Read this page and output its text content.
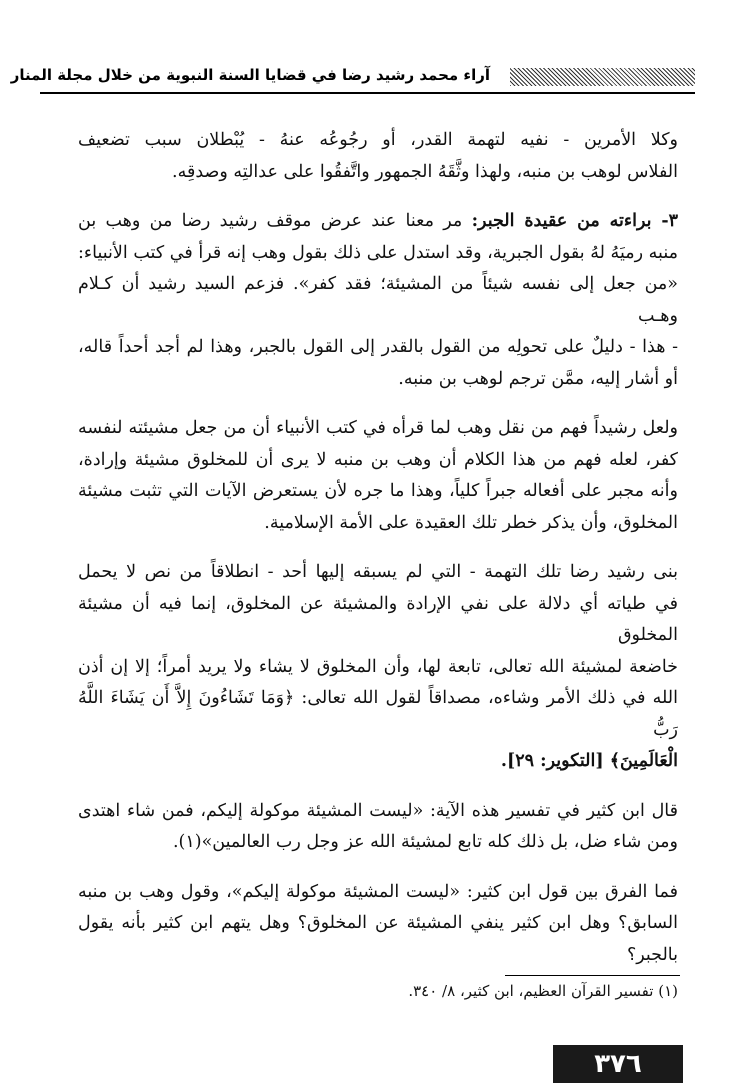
آراء محمد رشيد رضا في قضايا السنة النبوية من خلال مجلة المنار

وكلا الأمرين - نفيه لتهمة القدر، أو رجُوعُه عنهُ - يُبْطلان سبب تضعيف
الفلاس لوهب بن منبه، ولهذا وثَّقَهُ الجمهور واتَّفقُوا على عدالتِه وصدقِه.

٣- براءته من عقيدة الجبر: مر معنا عند عرض موقف رشيد رضا من وهب بن
منبه رميَهُ لهُ بقول الجبرية، وقد استدل على ذلك بقول وهب إنه قرأ في كتب الأنبياء:
«من جعل إلى نفسه شيئاً من المشيئة؛ فقد كفر». فزعم السيد رشيد أن كـلام وهـب
- هذا - دليلٌ على تحولِه من القول بالقدر إلى القول بالجبر، وهذا لم أجد أحداً قاله،
أو أشار إليه، ممَّن ترجم لوهب بن منبه.

ولعل رشيداً فهم من نقل وهب لما قرأه في كتب الأنبياء أن من جعل مشيئته لنفسه
كفر، لعله فهم من هذا الكلام أن وهب بن منبه لا يرى أن للمخلوق مشيئة وإرادة،
وأنه مجبر على أفعاله جبراً كلياً، وهذا ما جره لأن يستعرض الآيات التي تثبت مشيئة
المخلوق، وأن يذكر خطر تلك العقيدة على الأمة الإسلامية.

بنى رشيد رضا تلك التهمة - التي لم يسبقه إليها أحد - انطلاقاً من نص لا يحمل
في طياته أي دلالة على نفي الإرادة والمشيئة عن المخلوق، إنما فيه أن مشيئة المخلوق
خاضعة لمشيئة الله تعالى، تابعة لها، وأن المخلوق لا يشاء ولا يريد أمراً؛ إلا إن أذن
الله في ذلك الأمر وشاءه، مصداقاً لقول الله تعالى: ﴿وَمَا تَشَاءُونَ إِلاَّ أَن يَشَاءَ اللَّهُ رَبُّ
الْعَالَمِينَ﴾ [التكوير: ٢٩].

قال ابن كثير في تفسير هذه الآية: «ليست المشيئة موكولة إليكم، فمن شاء اهتدى
ومن شاء ضل، بل ذلك كله تابع لمشيئة الله عز وجل رب العالمين»(١).

فما الفرق بين قول ابن كثير: «ليست المشيئة موكولة إليكم»، وقول وهب بن منبه
السابق؟ وهل ابن كثير ينفي المشيئة عن المخلوق؟ وهل يتهم ابن كثير بأنه يقول بالجبر؟

(١) تفسير القرآن العظيم، ابن كثير، ٨/ ٣٤٠.
٣٧٦
